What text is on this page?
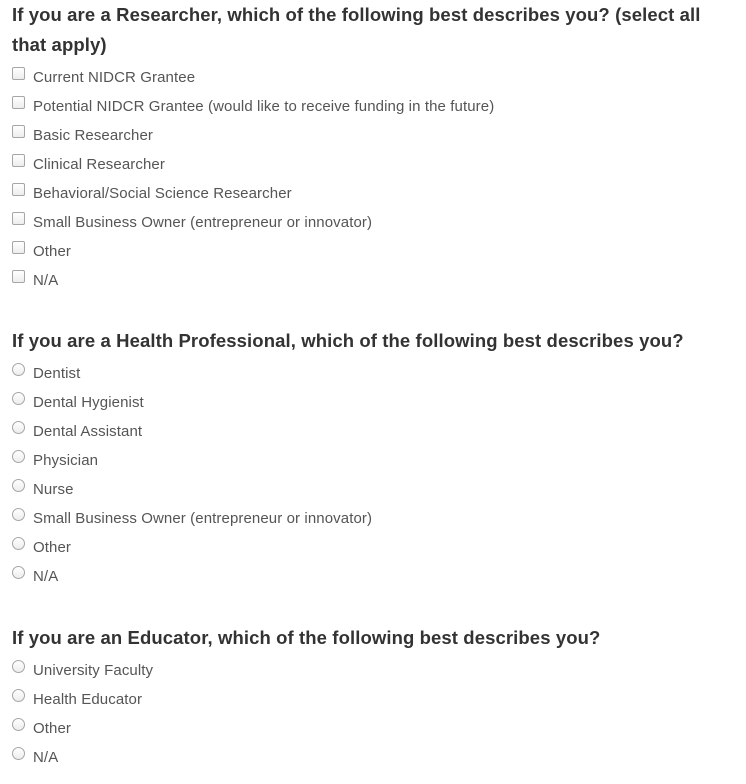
If you are a Researcher, which of the following best describes you? (select all that apply)

Current NIDCR Grantee
Potential NIDCR Grantee (would like to receive funding in the future)
Basic Researcher
Clinical Researcher
Behavioral/Social Science Researcher
Small Business Owner (entrepreneur or innovator)
Other
N/A

If you are a Health Professional, which of the following best describes you?

Dentist
Dental Hygienist
Dental Assistant
Physician
Nurse
Small Business Owner (entrepreneur or innovator)
Other
N/A

If you are an Educator, which of the following best describes you?

University Faculty
Health Educator
Other
N/A
